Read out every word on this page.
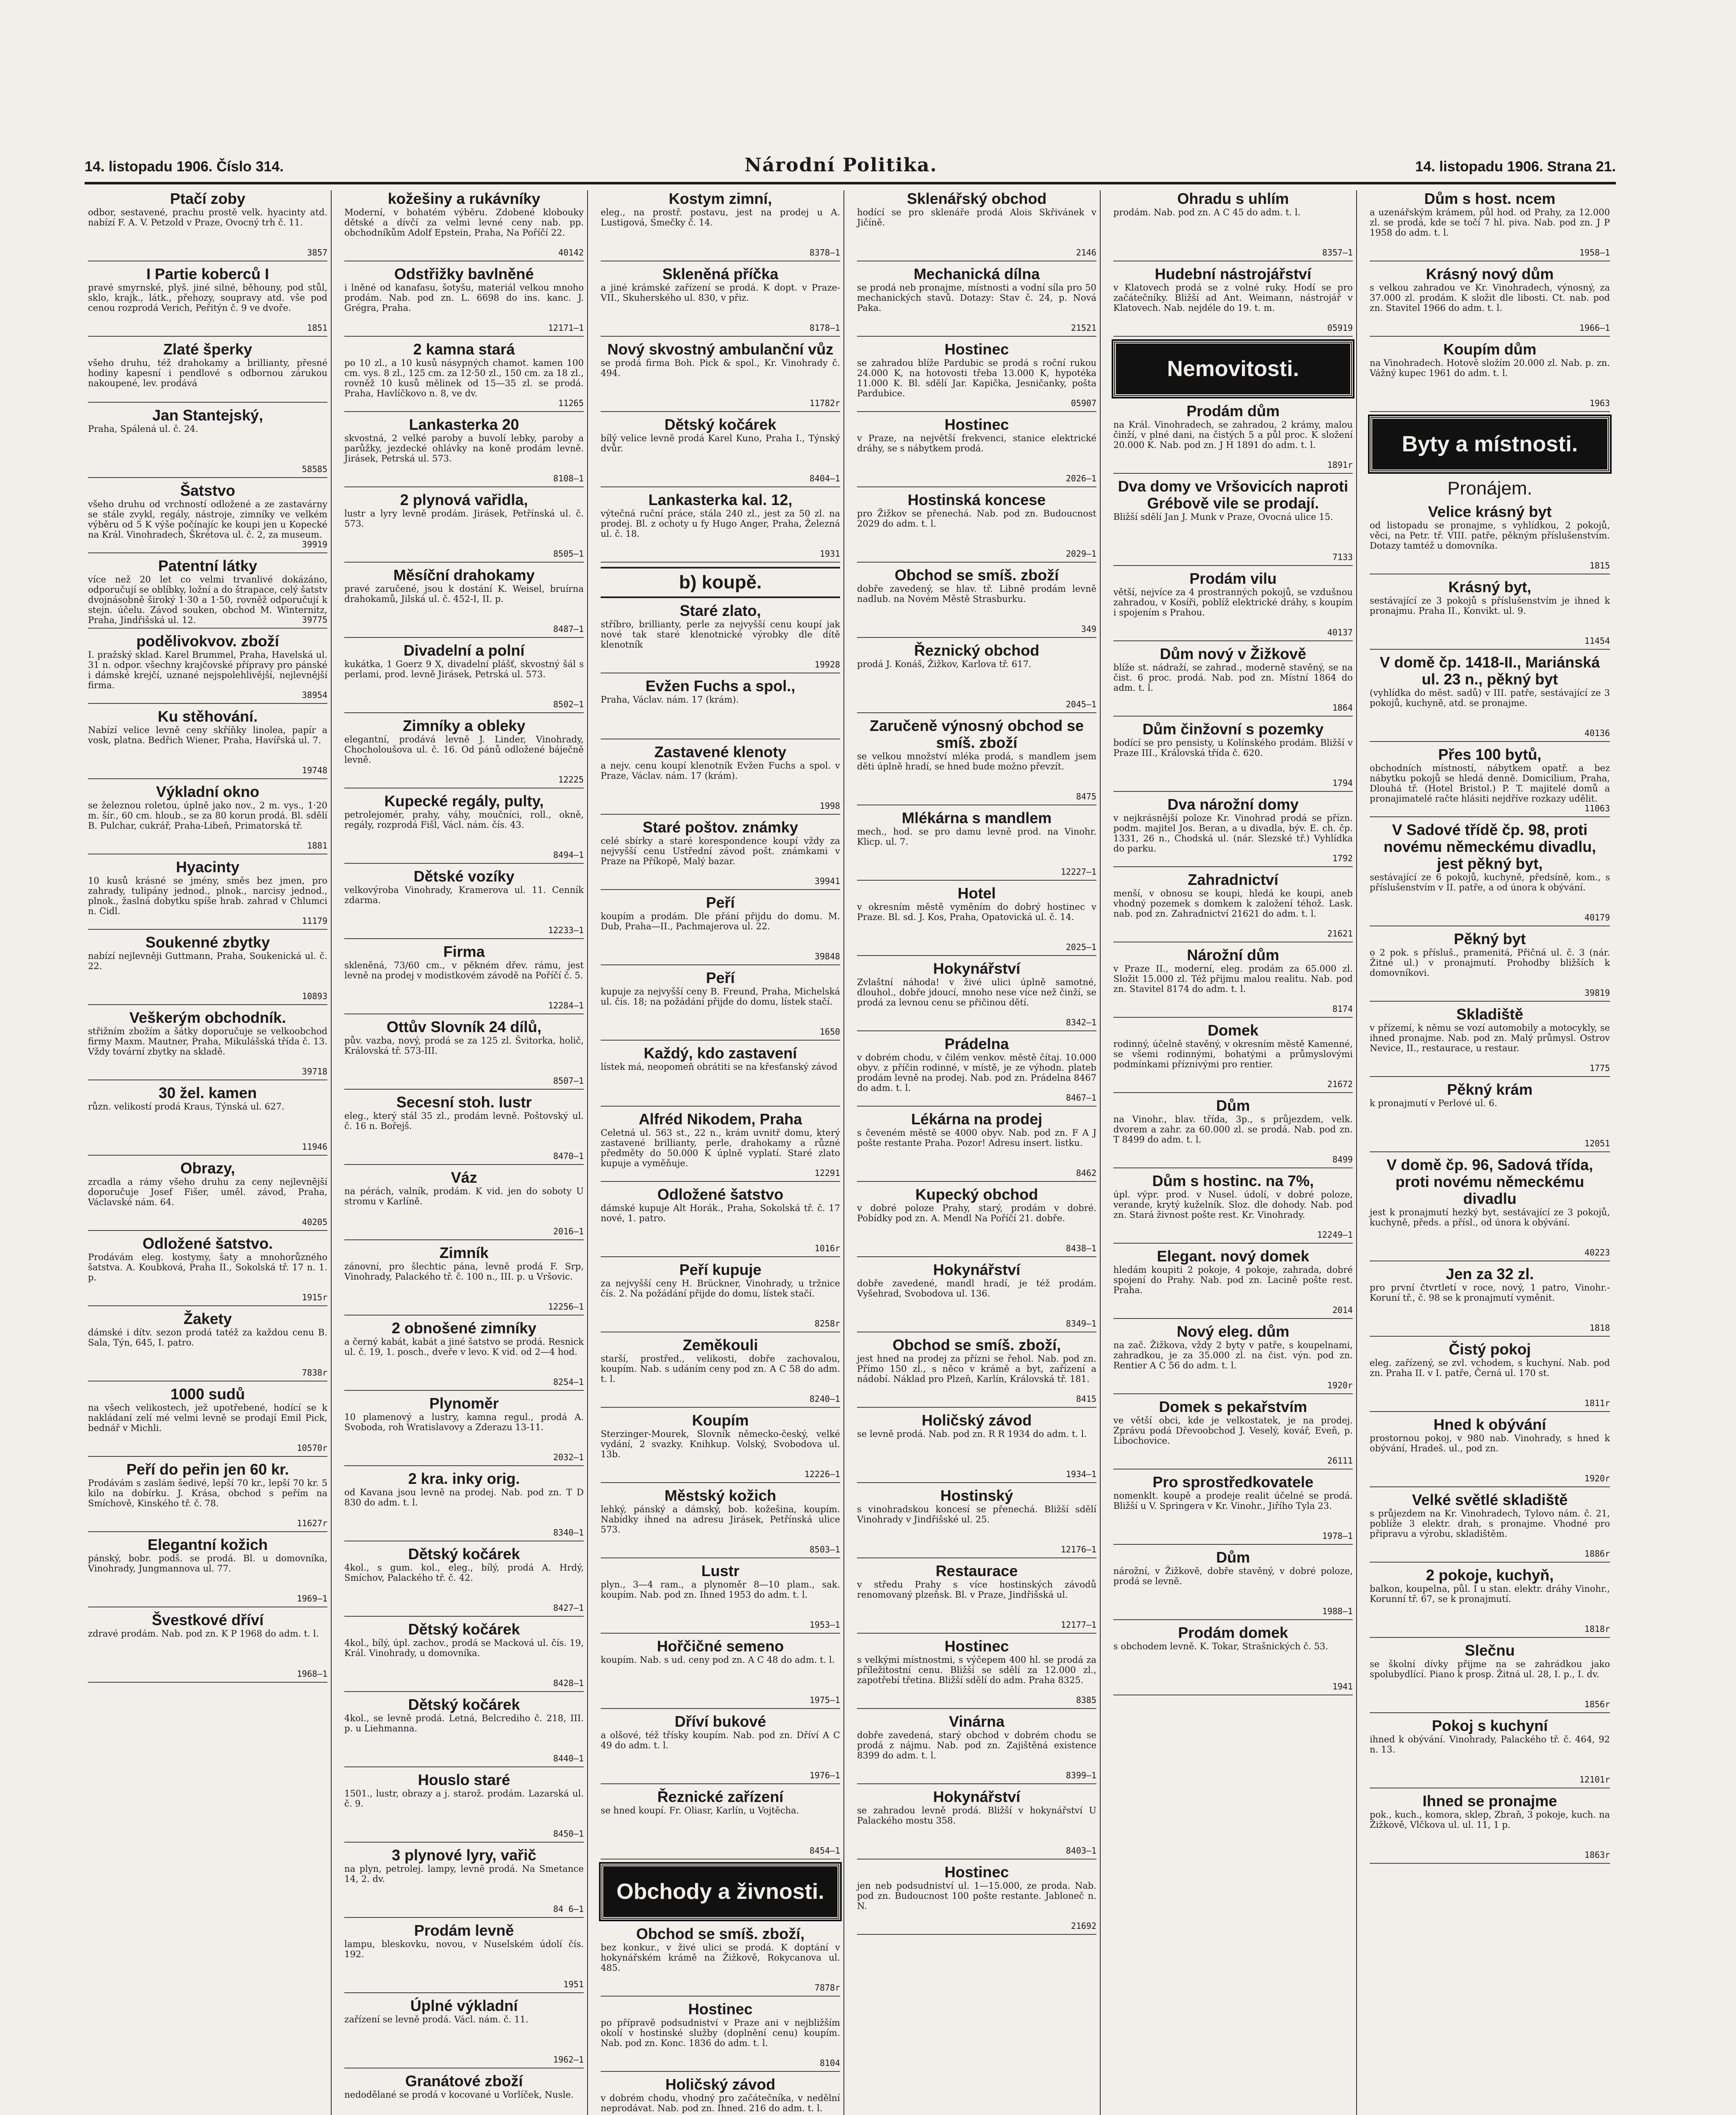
14. listopadu 1906. Číslo 314.	Národní Politika.	14. listopadu 1906. Strana 21.
Ptačí zoby
odbor, sestavené, prachu prostě velk. hyacinty atd. nabízí F. A. V. Petzold v Praze, Ovocný trh č. 11.
3857
I Partie koberců I
pravé smyrnské, plyš. jiné silné, běhouny, pod stůl, sklo, krajk., látk., přehozy, soupravy atd. vše pod cenou rozprodá Verich, Peřitýn č. 9 ve dvoře.
1851
Zlaté šperky
všeho druhu, též drahokamy a brillianty, přesné hodiny kapesní i pendlové s odbornou zárukou nakoupené, lev. prodává
Jan Stantejský,
Praha, Spálená ul. č. 24.
58585
Šatstvo
všeho druhu od vrchností odložené a ze zastavárny se stále zvykl, regály, nástroje, zimníky ve velkém výběru od 5 K výše počínajíc ke koupi jen u Kopecké na Král. Vinohradech, Škrétova ul. č. 2, za museum.
39919
Patentní látky
více než 20 let co velmi trvanlivé dokázáno, odporučují se oblíbky, ložní a do štrapace, celý šatstv dvojnásobně široký 1·30 a 1·50, rovněž odporučují k stejn. účelu. Závod souken, obchod M. Winternitz, Praha, Jindřišská ul. 12.	39775
podělivokvov. zboží
I. pražský sklad. Karel Brummel, Praha, Havelská ul. 31 n. odpor. všechny krajčovské přípravy pro pánské i dámské krejčí, uznané nejspolehlivější, nejlevnější firma.
38954
Ku stěhování.
Nabízí velice levně ceny skříňky linolea, papír a vosk, platna. Bedřich Wiener, Praha, Havířská ul. 7.
19748
Výkladní okno
se železnou roletou, úplně jako nov., 2 m. vys., 1·20 m. šír., 60 cm. hloub., se za 80 korun prodá. Bl. sdělí B. Pulchar, cukrář, Praha-Libeň, Primatorská tř.
1881
Hyacinty
10 kusů krásné se jmény, směs bez jmen, pro zahrady, tulipány jednod., plnok., narcisy jednod., plnok., žaslná dobytku spíše hrab. zahrad v Chlumci n. Cidl.
11179
Soukenné zbytky
nabízí nejlevněji Guttmann, Praha, Soukenická ul. č. 22.
10893
Veškerým obchodník.
střižním zbožím a šátky doporučuje se velkoobchod firmy Maxm. Mautner, Praha, Mikulášská třída č. 13. Vždy tovární zbytky na skladě.
39718
30 žel. kamen
různ. velikostí prodá Kraus, Týnská ul. 627.
11946
Obrazy,
zrcadla a rámy všeho druhu za ceny nejlevnější doporučuje Josef Fišer, uměl. závod, Praha, Václavské nám. 64.
40205
Odložené šatstvo.
Prodávám eleg. kostymy, šaty a mnohorůzného šatstva. A. Koubková, Praha II., Sokolská tř. 17 n. 1. p.
1915r
Žakety
dámské i dítv. sezon prodá tatéž za každou cenu B. Sala, Týn, 645, I. patro.
7838r
1000 sudů
na všech velikostech, jež upotřebené, hodící se k nakládaní zelí mé velmi levně se prodají Emil Pick, bednář v Michli.
10570r
Peří do peřin jen 60 kr.
Prodávám s zaslám šedivé, lepší 70 kr., lepší 70 kr. 5 kilo na dobírku. J. Krása, obchod s peřím na Smíchově, Kinského tř. č. 78.
11627r
Elegantní kožich
pánský, bobr. podš. se prodá. Bl. u domovníka, Vinohrady, Jungmannova ul. 77.
1969—1
Švestkové dříví
zdravé prodám. Nab. pod zn. K P 1968 do adm. t. l.
1968—1
kožešiny a rukávníky
Moderní, v bohatém výběru. Zdobené klobouky dětské a dívčí za velmi levné ceny nab. pp. obchodníkům Adolf Epstein, Praha, Na Poříčí 22.
40142
Odstřižky bavlněné
i lněné od kanafasu, šotyšu, materiál velkou mnoho prodám. Nab. pod zn. L. 6698 do ins. kanc. J. Grégra, Praha.
12171—1
2 kamna stará
po 10 zl., a 10 kusů násypných chamot. kamen 100 cm. vys. 8 zl., 125 cm. za 12·50 zl., 150 cm. za 18 zl., rovněž 10 kusů mělinek od 15—35 zl. se prodá. Praha, Havlíčkovo n. 8, ve dv.
11265
Lankasterka 20
skvostná, 2 velké paroby a buvolí lebky, paroby a parůžky, jezdecké ohlávky na koně prodám levně. Jirásek, Petrská ul. 573.
8108—1
2 plynová vařidla,
lustr a lyry levně prodám. Jirásek, Petřínská ul. č. 573.
8505—1
Měsíční drahokamy
pravé zaručené, jsou k dostání K. Weisel, bruírna drahokamů, Jilská ul. č. 452-I, II. p.
8487—1
Divadelní a polní
kukátka, 1 Goerz 9 X, divadelní plášť, skvostný šál s perlami, prod. levně Jirásek, Petrská ul. 573.
8502—1
Zimníky a obleky
elegantní, prodává levně J. Linder, Vinohrady, Chocholoušova ul. č. 16. Od pánů odložené báječně levně.
12225
Kupecké regály, pulty,
petrolejomér, prahy, váhy, moučníci, roll., okně, regály, rozprodá Fišl, Václ. nám. čís. 43.
8494—1
Dětské vozíky
velkovýroba Vinohrady, Kramerova ul. 11. Cenník zdarma.
12233—1
Firma
skleněná, 73/60 cm., v pěkném dřev. rámu, jest levně na prodej v modistkovém závodě na Poříčí č. 5.
12284—1
Ottův Slovník 24 dílů,
pův. vazba, nový, prodá se za 125 zl. Švitorka, holič, Královská tř. 573-III.
8507—1
Secesní stoh. lustr
eleg., který stál 35 zl., prodám levně. Poštovský ul. č. 16 n. Bořejš.
8470—1
Váz
na pérách, valník, prodám. K vid. jen do soboty U stromu v Karlíně.
2016—1
Zimník
zánovní, pro šlechtic pána, levně prodá F. Srp, Vinohrady, Palackého tř. č. 100 n., III. p. u Vršovic.
12256—1
2 obnošené zimníky
a černý kabát, kabát a jiné šatstvo se prodá. Resnick ul. č. 19, 1. posch., dveře v levo. K vid. od 2—4 hod.
8254—1
Plynoměr
10 plamenový a lustry, kamna regul., prodá A. Svoboda, roh Wratislavovy a Zderazu 13-11.
2032—1
2 kra. inky orig.
od Kavana jsou levně na prodej. Nab. pod zn. T D 830 do adm. t. l.
8340—1
Dětský kočárek
4kol., s gum. kol., eleg., bílý, prodá A. Hrdý, Smíchov, Palackého tř. č. 42.
8427—1
Dětský kočárek
4kol., bílý, úpl. zachov., prodá se Macková ul. čís. 19, Král. Vinohrady, u domovníka.
8428—1
Dětský kočárek
4kol., se levně prodá. Letná, Belcrediho č. 218, III. p. u Liehmanna.
8440—1
Houslo staré
1501., lustr, obrazy a j. starož. prodám. Lazarská ul. č. 9.
8450—1
3 plynové lyry, vařič
na plyn, petrolej. lampy, levně prodá. Na Smetance 14, 2. dv.
84 6—1
Prodám levně
lampu, bleskovku, novou, v Nuselském údolí čís. 192.
1951
Úplné výkladní
zařízení se levně prodá. Václ. nám. č. 11.
1962—1
Granátové zboží
nedodělané se prodá v kocované u Vorlíček, Nusle.
Kostym zimní,
eleg., na prostř. postavu, jest na prodej u A. Lustigová, Smečky č. 14.
8378—1
Skleněná příčka
a jiné krámské zařízení se prodá. K dopt. v Praze-VII., Skuherského ul. 830, v přiz.
8178—1
Nový skvostný ambulanční vůz
se prodá firma Boh. Pick & spol., Kr. Vinohrady č. 494.
11782r
Dětský kočárek
bílý velice levně prodá Karel Kuno, Praha I., Týnský dvůr.
8404—1
Lankasterka kal. 12,
výtečná ruční práce, stála 240 zl., jest za 50 zl. na prodej. Bl. z ochoty u fy Hugo Anger, Praha, Železná ul. č. 18.
1931
b) koupě.
Staré zlato,
stříbro, brillianty, perle za nejvyšší cenu koupí jak nové tak staré klenotnické výrobky dle dítě klenotník
19928
Evžen Fuchs a spol.,
Praha, Václav. nám. 17 (krám).
Zastavené klenoty
a nejv. cenu koupí klenotník Evžen Fuchs a spol. v Praze, Václav. nám. 17 (krám).
1998
Staré poštov. známky
celé sbírky a staré korespondence koupí vždy za nejvyšší cenu Ustřední závod pošt. známkami v Praze na Příkopě, Malý bazar.
39941
Peří
koupím a prodám. Dle přání přijdu do domu. M. Dub, Praha—II., Pachmajerova ul. 22.
39848
Peří
kupuje za nejvyšší ceny B. Freund, Praha, Michelská ul. čís. 18; na požádání přijde do domu, lístek stačí.
1650
Každý, kdo zastavení
lístek má, neopomeň obrátiti se na křesťanský závod
Alfréd Nikodem, Praha
Celetná ul. 563 st., 22 n., krám uvnitř domu, který zastavené brillianty, perle, drahokamy a různé předměty do 50.000 K úplně vyplatí. Staré zlato kupuje a vyměňuje.
12291
Odložené šatstvo
dámské kupuje Alt Horák., Praha, Sokolská tř. č. 17 nové, 1. patro.
1016r
Peří kupuje
za nejvyšší ceny H. Brückner, Vinohrady, u tržnice čís. 2. Na požádání přijde do domu, lístek stačí.
8258r
Zeměkouli
starší, prostřed., velikosti, dobře zachovalou, koupím. Nab. s udáním ceny pod zn. A C 58 do adm. t. l.
8240—1
Koupím
Sterzinger-Mourek, Slovník německo-český, velké vydání, 2 svazky. Knihkup. Volský, Svobodova ul. 13b.
12226—1
Městský kožich
lehký, pánský a dámský, bob. kožešina, koupím. Nabídky ihned na adresu Jirásek, Petřínská ulice 573.
8503—1
Lustr
plyn., 3—4 ram., a plynoměr 8—10 plam., sak. koupím. Nab. pod zn. Ihned 1953 do adm. t. l.
1953—1
Hořčičné semeno
koupím. Nab. s ud. ceny pod zn. A C 48 do adm. t. l.
1975—1
Dříví bukové
a olšové, též třísky koupím. Nab. pod zn. Dříví A C 49 do adm. t. l.
1976—1
Řeznické zařízení
se hned koupí. Fr. Oliasr, Karlín, u Vojtěcha.
8454—1
Obchody a živnosti.
Obchod se smíš. zboží,
bez konkur., v živé ulici se prodá. K doptání v hokynářském krámě na Žižkově, Rokycanova ul. 485.
7878r
Hostinec
po přípravě podsudniství v Praze ani v nejbližším okolí v hostinské služby (doplnění cenu) koupím. Nab. pod zn. Konc. 1836 do adm. t. l.
8104
Holičský závod
v dobrém chodu, vhodný pro začátečníka, v nedělní neprodávat. Nab. pod zn. Ihned. 216 do adm. t. l.
Sklenářský obchod
hodící se pro sklenáře prodá Alois Skřivánek v Jičíně.
2146
Mechanická dílna
se prodá neb pronajme, místnosti a vodní síla pro 50 mechanických stavů. Dotazy: Stav č. 24, p. Nová Paka.
21521
Hostinec
se zahradou blíže Pardubic se prodá s roční rukou 24.000 K, na hotovosti třeba 13.000 K, hypotéka 11.000 K. Bl. sdělí Jar. Kapička, Jesničanky, pošta Pardubice.
05907
Hostinec
v Praze, na největší frekvenci, stanice elektrické dráhy, se s nábytkem prodá.
2026—1
Hostinská koncese
pro Žižkov se přenechá. Nab. pod zn. Budoucnost 2029 do adm. t. l.
2029—1
Obchod se smíš. zboží
dobře zavedený, se hlav. tř. Libně prodám levně nadlub. na Novém Městě Strasburku.
349
Řeznický obchod
prodá J. Konáš, Žižkov, Karlova tř. 617.
2045—1
Zaručeně výnosný obchod se smíš. zboží
se velkou množství mléka prodá, s mandlem jsem děti úplně hradí, se hned bude možno převzít.
8475
Mlékárna s mandlem
mech., hod. se pro damu levně prod. na Vinohr. Klicp. ul. 7.
12227—1
Hotel
v okresním městě vyměním do dobrý hostinec v Praze. Bl. sd. J. Kos, Praha, Opatovická ul. č. 14.
2025—1
Hokynářství
Zvlaštní náhoda! v živé ulici úplně samotné, dlouhol., dobře jdoucí, mnoho nese více než činží, se prodá za levnou cenu se přičinou dětí.
8342—1
Prádelna
v dobrém chodu, v čilém venkov. městě čítaj. 10.000 obyv. z příčin rodinné, v místě, je ze výhodn. plateb prodám levně na prodej. Nab. pod zn. Prádelna 8467 do adm. t. l.
8467—1
Lékárna na prodej
s čeveném městě se 4000 obyv. Nab. pod zn. F A J pošte restante Praha. Pozor! Adresu insert. listku.
8462
Kupecký obchod
v dobré poloze Prahy, starý, prodám v dobré. Pobídky pod zn. A. Mendl Na Poříčí 21. dobře.
8438—1
Hokynářství
dobře zavedené, mandl hradí, je též prodám. Vyšehrad, Svobodova ul. 136.
8349—1
Obchod se smíš. zboží,
jest hned na prodej za přízni se řehol. Nab. pod zn. Přímo 150 zl., s něco v krámě a byt, zařízení a nádobí. Náklad pro Plzeň, Karlín, Královská tř. 181.
8415
Holičský závod
se levně prodá. Nab. pod zn. R R 1934 do adm. t. l.
1934—1
Hostinský
s vinohradskou koncesí se přenechá. Bližší sdělí Vinohrady v Jindřišské ul. 25.
12176—1
Restaurace
v středu Prahy s více hostinských závodů renomovaný plzeňsk. Bl. v Praze, Jindřišská ul.
12177—1
Hostinec
s velkými místnostmi, s výčepem 400 hl. se prodá za příležitostní cenu. Bližší se sdělí za 12.000 zl., zapotřebí třetina. Bližší sdělí do adm. Praha 8325.
8385
Vinárna
dobře zavedená, starý obchod v dobrém chodu se prodá z nájmu. Nab. pod zn. Zajištěná existence 8399 do adm. t. l.
8399—1
Hokynářství
se zahradou levně prodá. Bližší v hokynářství U Palackého mostu 358.
8403—1
Hostinec
jen neb podsudniství ul. 1—15.000, ze proda. Nab. pod zn. Budoucnost 100 pošte restante. Jabloneč n. N.
21692
Ohradu s uhlím
prodám. Nab. pod zn. A C 45 do adm. t. l.
8357—1
Hudební nástrojářství
v Klatovech prodá se z volné ruky. Hodí se pro začátečníky. Bližší ad Ant. Weimann, nástrojář v Klatovech. Nab. nejdéle do 19. t. m.
05919
Nemovitosti.
Prodám dům
na Král. Vinohradech, se zahradou, 2 krámy, malou činží, v plné dani, na čistých 5 a půl proc. K složení 20.000 K. Nab. pod zn. J H 1891 do adm. t. l.
1891r
Dva domy ve Vršovicích naproti Grébově vile se prodají.
Bližší sdělí Jan J. Munk v Praze, Ovocná ulice 15.
7133
Prodám vilu
větší, nejvíce za 4 prostranných pokojů, se vzdušnou zahradou, v Kosíři, poblíž elektrické dráhy, s koupím i spojením s Prahou.
40137
Dům nový v Žižkově
blíže st. nádraží, se zahrad., moderně stavěný, se na čist. 6 proc. prodá. Nab. pod zn. Místní 1864 do adm. t. l.
1864
Dům činžovní s pozemky
bodící se pro pensisty, u Kolínského prodám. Bližší v Praze III., Královská třída č. 620.
1794
Dva nárožní domy
v nejkrásnější poloze Kr. Vinohrad prodá se přízn. podm. majitel Jos. Beran, a u divadla, býv. E. ch. čp. 1331, 26 n., Chodská ul. (nár. Slezské tř.) Vyhlídka do parku.
1792
Zahradnictví
menší, v obnosu se koupi, hledá ke koupi, aneb vhodný pozemek s domkem k založení téhož. Lask. nab. pod zn. Zahradnictví 21621 do adm. t. l.
21621
Nárožní dům
v Praze II., moderní, eleg. prodám za 65.000 zl. Složit 15.000 zl. Též přijmu malou realitu. Nab. pod zn. Stavitel 8174 do adm. t. l.
8174
Domek
rodinný, účelně stavěný, v okresním městě Kamenné, se všemi rodinnými, bohatými a průmyslovými podmínkami příznivými pro rentier.
21672
Dům
na Vinohr., blav. třída, 3p., s průjezdem, velk. dvorem a zahr. za 60.000 zl. se prodá. Nab. pod zn. T 8499 do adm. t. l.
8499
Dům s hostinc. na 7%,
úpl. výpr. prod. v Nusel. údolí, v dobré poloze, verande, krytý kuželník. Sloz. dle dohody. Nab. pod zn. Stará živnost pošte rest. Kr. Vinohrady.
12249—1
Elegant. nový domek
hledám koupiti 2 pokoje, 4 pokoje, zahrada, dobré spojení do Prahy. Nab. pod zn. Lacině pošte rest. Praha.
2014
Nový eleg. dům
na zač. Žižkova, vždy 2 byty v patře, s koupelnami, zahradkou, je za 35.000 zl. na čist. výn. pod zn. Rentier A C 56 do adm. t. l.
1920r
Domek s pekařstvím
ve větší obci, kde je velkostatek, je na prodej. Zprávu podá Dřevoobchod J. Veselý, kovář, Eveň, p. Libochovice.
26111
Pro sprostředkovatele
nomenklt. koupě a prodeje realit účelné se prodá. Bližší u V. Springera v Kr. Vinohr., Jiřího Tyla 23.
1978—1
Dům
nárožní, v Žižkově, dobře stavěný, v dobré poloze, prodá se levně.
1988—1
Prodám domek
s obchodem levně. K. Tokar, Strašnických č. 53.
1941
Dům s host. ncem
a uzenářským krámem, půl hod. od Prahy, za 12.000 zl. se prodá, kde se točí 7 hl. piva. Nab. pod zn. J P 1958 do adm. t. l.
1958—1
Krásný nový dům
s velkou zahradou ve Kr. Vinohradech, výnosný, za 37.000 zl. prodám. K složit dle libosti. Ct. nab. pod zn. Stavitel 1966 do adm. t. l.
1966—1
Koupím dům
na Vinohradech. Hotově složím 20.000 zl. Nab. p. zn. Vážný kupec 1961 do adm. t. l.
1963
Byty a místnosti.
Pronájem.
Velice krásný byt
od listopadu se pronajme, s vyhlídkou, 2 pokojů, věci, na Petr. tř. VIII. patře, pěkným příslušenstvím. Dotazy tamtéž u domovníka.
1815
Krásný byt,
sestávající ze 3 pokojů s příslušenstvím je ihned k pronajmu. Praha II., Konvikt. ul. 9.
11454
V domě čp. 1418-II., Mariánská ul. 23 n., pěkný byt
(vyhlídka do měst. sadů) v III. patře, sestávající ze 3 pokojů, kuchyně, atd. se pronajme.
40136
Přes 100 bytů,
obchodních místností, nábytkem opatř. a bez nábytku pokojů se hledá denně. Domicilium, Praha, Dlouhá tř. (Hotel Bristol.) P. T. majitelé domů a pronajimatelé račte hlásiti nejdříve rozkazy udělit.
11063
V Sadové třídě čp. 98, proti novému německému divadlu, jest pěkný byt,
sestávající ze 6 pokojů, kuchyně, předsíně, kom., s příslušenstvím v II. patře, a od února k obývání.
40179
Pěkný byt
o 2 pok. s přísluš., pramenitá, Přičná ul. č. 3 (nár. Žitné ul.) v pronajmutí. Prohodby bližších k domovníkovi.
39819
Skladiště
v přízemí, k němu se vozí automobily a motocykly, se ihned pronajme. Nab. pod zn. Malý průmysl. Ostrov Nevice, II., restaurace, u restaur.
1775
Pěkný krám
k pronajmutí v Perlové ul. 6.
12051
V domě čp. 96, Sadová třída, proti novému německému divadlu
jest k pronajmutí hezký byt, sestávající ze 3 pokojů, kuchyně, předs. a přísl., od února k obývání.
40223
Jen za 32 zl.
pro první čtvrtletí v roce, nový, 1 patro, Vinohr.-Koruní tř., č. 98 se k pronajmutí vyměnit.
1818
Čistý pokoj
eleg. zařízený, se zvl. vchodem, s kuchyní. Nab. pod zn. Praha II. v I. patře, Černá ul. 170 st.
1811r
Hned k obývání
prostornou pokoj, v 980 nab. Vinohrady, s hned k obývání, Hradeš. ul., pod zn.
1920r
Velké světlé skladiště
s průjezdem na Kr. Vinohradech, Tylovo nám. č. 21, poblíže 3 elektr. drah, s pronajme. Vhodné pro připravu a výrobu, skladištěm.
1886r
2 pokoje, kuchyň,
balkon, koupelna, půl. I u stan. elektr. dráhy Vinohr., Korunní tř. 67, se k pronajmutí.
1818r
Slečnu
se školní dívky přijme na se zahrádkou jako spolubydlící. Piano k prosp. Žitná ul. 28, I. p., I. dv.
1856r
Pokoj s kuchyní
ihned k obývání. Vinohrady, Palackého tř. č. 464, 92 n. 13.
12101r
Ihned se pronajme
pok., kuch., komora, sklep, Zbraň, 3 pokoje, kuch. na Žižkově, Vlčkova ul. ul. 11, 1 p.
1863r
